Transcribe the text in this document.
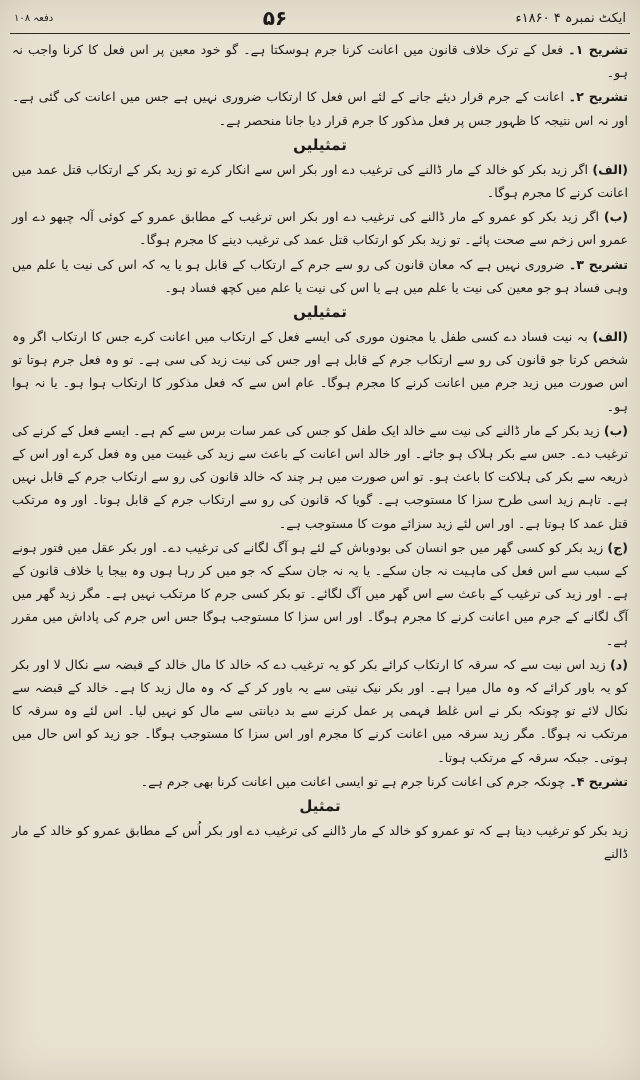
دفعہ ۱۰۸	۵۶	ایکٹ نمبرہ ۴ ۱۸۶۰ء

تشریح ۱۔ فعل کے ترک خلاف قانون میں اعانت کرنا جرم ہوسکتا ہے۔ گو خود معین پر اس فعل کا کرنا واجب نہ ہو۔

تشریح ۲۔ اعانت کے جرم قرار دیئے جانے کے لئے اس فعل کا ارتکاب ضروری نہیں ہے جس میں اعانت کی گئی ہے۔ اور نہ اس نتیجہ کا ظہور جس پر فعل مذکور کا جرم قرار دیا جانا منحصر ہے۔

تمثیلیں

(الف) اگر زید بکر کو خالد کے مار ڈالنے کی ترغیب دے اور بکر اس سے انکار کرے تو زید بکر کے ارتکاب قتل عمد میں اعانت کرنے کا مجرم ہوگا۔

(ب) اگر زید بکر کو عمرو کے مار ڈالنے کی ترغیب دے اور بکر اس ترغیب کے مطابق عمرو کے کوئی آلہ چبھو دے اور عمرو اس زخم سے صحت پائے۔ تو زید بکر کو ارتکاب قتل عمد کی ترغیب دینے کا مجرم ہوگا۔

تشریح ۳۔ ضروری نہیں ہے کہ معان قانون کی رو سے جرم کے ارتکاب کے قابل ہو یا یہ کہ اس کی نیت یا علم میں وہی فساد ہو جو معین کی نیت یا علم میں ہے یا اس کی نیت یا علم میں کچھ فساد ہو۔

تمثیلیں

(الف) بہ نیت فساد دے کسی طفل یا مجنون موری کی ایسے فعل کے ارتکاب میں اعانت کرے جس کا ارتکاب اگر وہ شخص کرتا جو قانون کی رو سے ارتکاب جرم کے قابل ہے اور جس کی نیت زید کی سی ہے۔ تو وہ فعل جرم ہوتا تو اس صورت میں زید جرم میں اعانت کرنے کا مجرم ہوگا۔ عام اس سے کہ فعل مذکور کا ارتکاب ہوا ہو۔ یا نہ ہوا ہو۔

(ب) زید بکر کے مار ڈالنے کی نیت سے خالد ایک طفل کو جس کی عمر سات برس سے کم ہے۔ ایسے فعل کے کرنے کی ترغیب دے۔ جس سے بکر ہلاک ہو جائے۔ اور خالد اس اعانت کے باعث سے زید کی غیبت میں وہ فعل کرے اور اس کے ذریعہ سے بکر کی ہلاکت کا باعث ہو۔ تو اس صورت میں ہر چند کہ خالد قانون کی رو سے ارتکاب جرم کے قابل نہیں ہے۔ تاہم زید اسی طرح سزا کا مستوجب ہے۔ گویا کہ قانون کی رو سے ارتکاب جرم کے قابل ہوتا۔ اور وہ مرتکب قتل عمد کا ہوتا ہے۔ اور اس لئے زید سزائے موت کا مستوجب ہے۔

(ج) زید بکر کو کسی گھر میں جو انسان کی بودوباش کے لئے ہو آگ لگانے کی ترغیب دے۔ اور بکر عقل میں فتور ہونے کے سبب سے اس فعل کی ماہیت نہ جان سکے۔ یا یہ نہ جان سکے کہ جو میں کر رہا ہوں وہ بیجا یا خلاف قانون کے ہے۔ اور زید کی ترغیب کے باعث سے اس گھر میں آگ لگائے۔ تو بکر کسی جرم کا مرتکب نہیں ہے۔ مگر زید گھر میں آگ لگانے کے جرم میں اعانت کرنے کا مجرم ہوگا۔ اور اس سزا کا مستوجب ہوگا جس اس جرم کی پاداش میں مقرر ہے۔

(د) زید اس نیت سے کہ سرقہ کا ارتکاب کرائے بکر کو یہ ترغیب دے کہ خالد کا مال خالد کے قبضہ سے نکال لا اور بکر کو یہ باور کرائے کہ وہ مال میرا ہے۔ اور بکر نیک نیتی سے یہ باور کر کے کہ وہ مال زید کا ہے۔ خالد کے قبضہ سے نکال لائے تو چونکہ بکر نے اس غلط فہمی پر عمل کرنے سے بد دیانتی سے مال کو نہیں لیا۔ اس لئے وہ سرقہ کا مرتکب نہ ہوگا۔ مگر زید سرقہ میں اعانت کرنے کا مجرم اور اس سزا کا مستوجب ہوگا۔ جو زید کو اس حال میں ہوتی۔ جبکہ سرقہ کے مرتکب ہوتا۔

تشریح ۴۔ چونکہ جرم کی اعانت کرنا جرم ہے تو ایسی اعانت میں اعانت کرنا بھی جرم ہے۔

تمثیل

زید بکر کو ترغیب دیتا ہے کہ تو عمرو کو خالد کے مار ڈالنے کی ترغیب دے اور بکر اُس کے مطابق عمرو کو خالد کے مار ڈالنے
